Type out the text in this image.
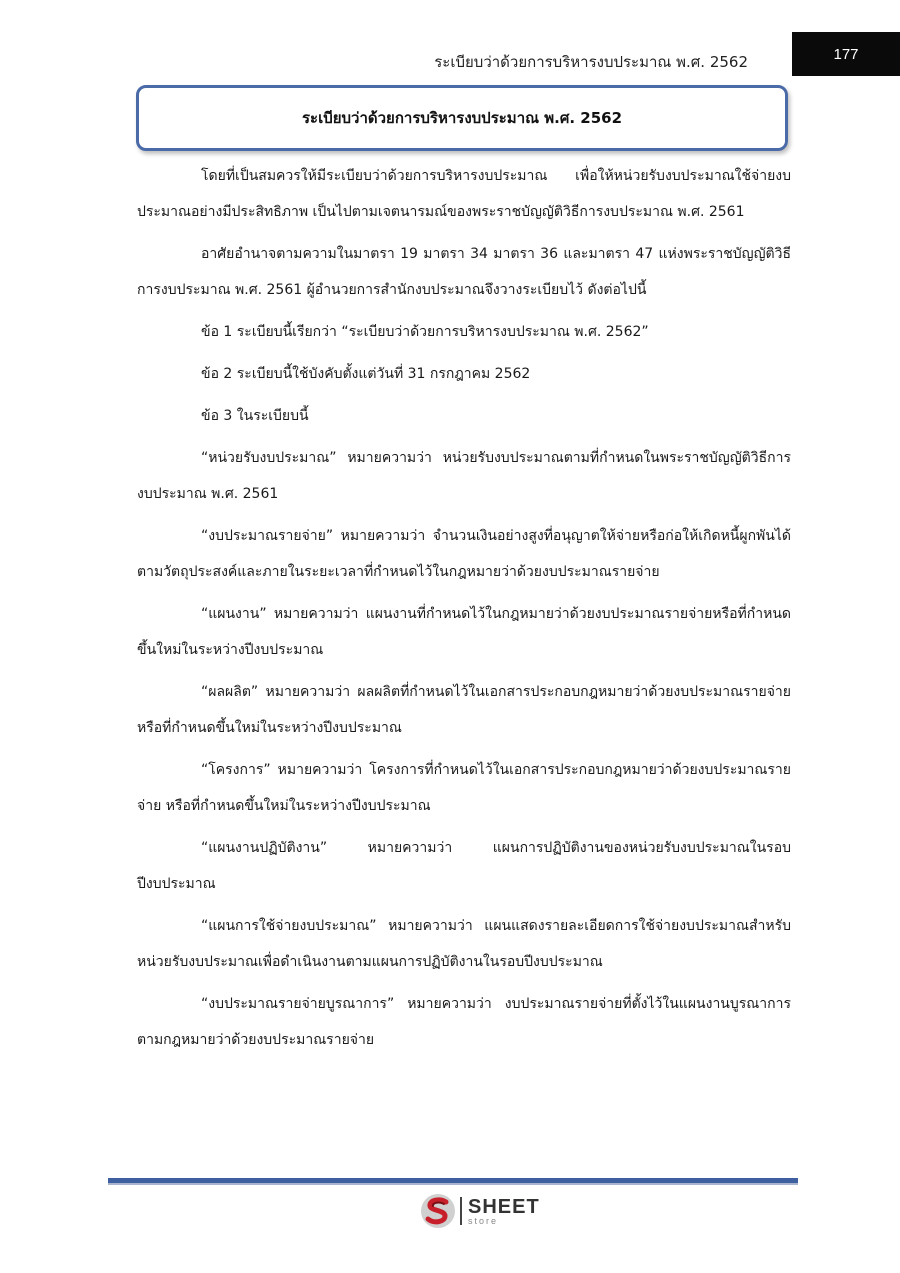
ระเบียบว่าด้วยการบริหารงบประมาณ พ.ศ. 2562	177
ระเบียบว่าด้วยการบริหารงบประมาณ พ.ศ. 2562

โดยที่เป็นสมควรให้มีระเบียบว่าด้วยการบริหารงบประมาณ เพื่อให้หน่วยรับงบประมาณใช้จ่ายงบประมาณอย่างมีประสิทธิภาพ เป็นไปตามเจตนารมณ์ของพระราชบัญญัติวิธีการงบประมาณ พ.ศ. 2561

อาศัยอำนาจตามความในมาตรา 19 มาตรา 34 มาตรา 36 และมาตรา 47 แห่งพระราชบัญญัติวิธีการงบประมาณ พ.ศ. 2561 ผู้อำนวยการสำนักงบประมาณจึงวางระเบียบไว้ ดังต่อไปนี้

ข้อ 1 ระเบียบนี้เรียกว่า “ระเบียบว่าด้วยการบริหารงบประมาณ พ.ศ. 2562”

ข้อ 2 ระเบียบนี้ใช้บังคับตั้งแต่วันที่ 31 กรกฎาคม 2562

ข้อ 3 ในระเบียบนี้

“หน่วยรับงบประมาณ” หมายความว่า หน่วยรับงบประมาณตามที่กำหนดในพระราชบัญญัติวิธีการงบประมาณ พ.ศ. 2561

“งบประมาณรายจ่าย” หมายความว่า จำนวนเงินอย่างสูงที่อนุญาตให้จ่ายหรือก่อให้เกิดหนี้ผูกพันได้ตามวัตถุประสงค์และภายในระยะเวลาที่กำหนดไว้ในกฎหมายว่าด้วยงบประมาณรายจ่าย

“แผนงาน” หมายความว่า แผนงานที่กำหนดไว้ในกฎหมายว่าด้วยงบประมาณรายจ่ายหรือที่กำหนดขึ้นใหม่ในระหว่างปีงบประมาณ

“ผลผลิต” หมายความว่า ผลผลิตที่กำหนดไว้ในเอกสารประกอบกฎหมายว่าด้วยงบประมาณรายจ่าย หรือที่กำหนดขึ้นใหม่ในระหว่างปีงบประมาณ

“โครงการ” หมายความว่า โครงการที่กำหนดไว้ในเอกสารประกอบกฎหมายว่าด้วยงบประมาณรายจ่าย หรือที่กำหนดขึ้นใหม่ในระหว่างปีงบประมาณ

“แผนงานปฏิบัติงาน” หมายความว่า แผนการปฏิบัติงานของหน่วยรับงบประมาณในรอบปีงบประมาณ

“แผนการใช้จ่ายงบประมาณ” หมายความว่า แผนแสดงรายละเอียดการใช้จ่ายงบประมาณสำหรับหน่วยรับงบประมาณเพื่อดำเนินงานตามแผนการปฏิบัติงานในรอบปีงบประมาณ

“งบประมาณรายจ่ายบูรณาการ” หมายความว่า งบประมาณรายจ่ายที่ตั้งไว้ในแผนงานบูรณาการตามกฎหมายว่าด้วยงบประมาณรายจ่าย

SHEET
store
